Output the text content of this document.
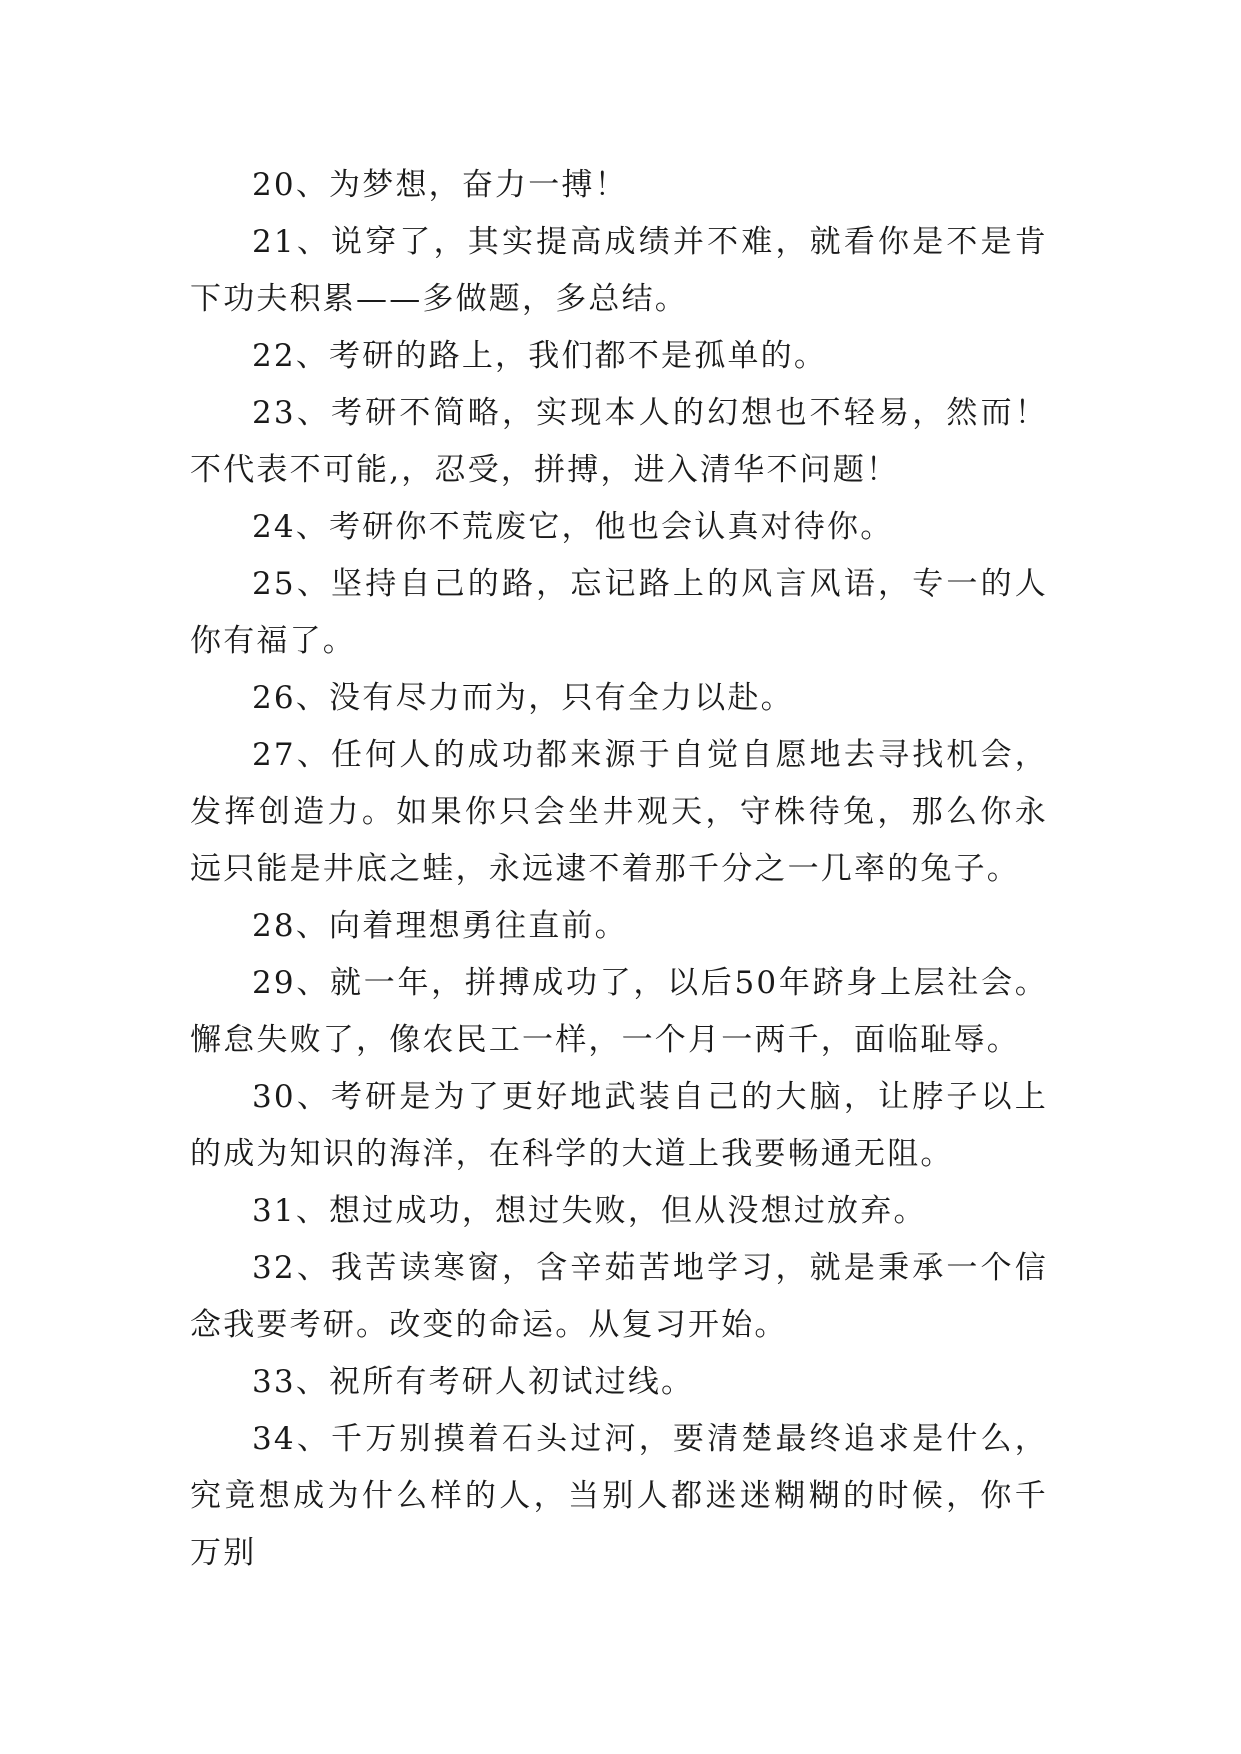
20、为梦想，奋力一搏！

21、说穿了，其实提高成绩并不难，就看你是不是肯下功夫积累——多做题，多总结。

22、考研的路上，我们都不是孤单的。

23、考研不简略，实现本人的幻想也不轻易，然而！不代表不可能,，忍受，拼搏，进入清华不问题！

24、考研你不荒废它，他也会认真对待你。

25、坚持自己的路，忘记路上的风言风语，专一的人你有福了。

26、没有尽力而为，只有全力以赴。

27、任何人的成功都来源于自觉自愿地去寻找机会，发挥创造力。如果你只会坐井观天，守株待兔，那么你永远只能是井底之蛙，永远逮不着那千分之一几率的兔子。

28、向着理想勇往直前。

29、就一年，拼搏成功了，以后50年跻身上层社会。懈怠失败了，像农民工一样，一个月一两千，面临耻辱。

30、考研是为了更好地武装自己的大脑，让脖子以上的成为知识的海洋，在科学的大道上我要畅通无阻。

31、想过成功，想过失败，但从没想过放弃。

32、我苦读寒窗，含辛茹苦地学习，就是秉承一个信念我要考研。改变的命运。从复习开始。

33、祝所有考研人初试过线。

34、千万别摸着石头过河，要清楚最终追求是什么，究竟想成为什么样的人，当别人都迷迷糊糊的时候，你千万别
